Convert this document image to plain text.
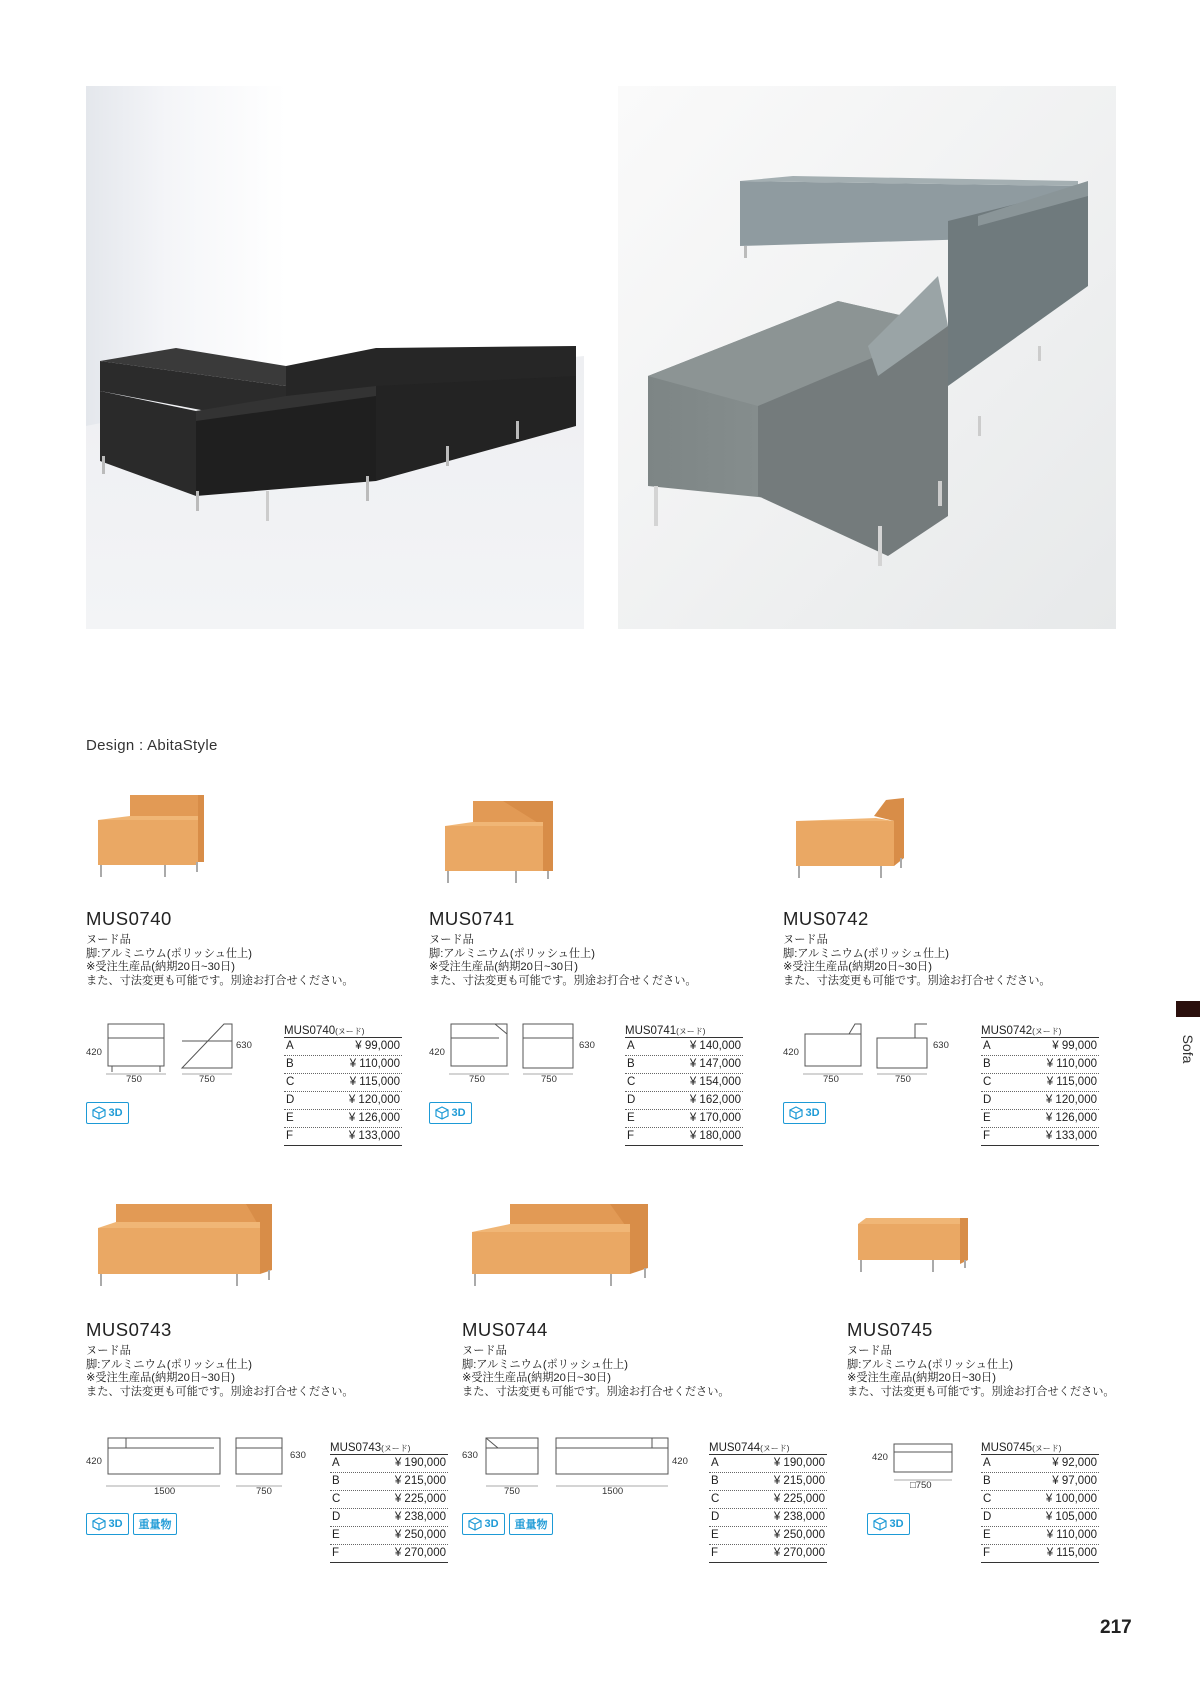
Design : AbitaStyle
Sofa
MUS0740
ヌード品
脚:アルミニウム(ポリッシュ仕上)
※受注生産品(納期20日~30日)
また、寸法変更も可能です。別途お打合せください。
750
420
750
630
3D
MUS0740(ヌード)
A	¥ 99,000
B	¥ 110,000
C	¥ 115,000
D	¥ 120,000
E	¥ 126,000
F	¥ 133,000
MUS0741
ヌード品
脚:アルミニウム(ポリッシュ仕上)
※受注生産品(納期20日~30日)
また、寸法変更も可能です。別途お打合せください。
750
420
750
630
3D
MUS0741(ヌード)
A	¥ 140,000
B	¥ 147,000
C	¥ 154,000
D	¥ 162,000
E	¥ 170,000
F	¥ 180,000
MUS0742
ヌード品
脚:アルミニウム(ポリッシュ仕上)
※受注生産品(納期20日~30日)
また、寸法変更も可能です。別途お打合せください。
750
420
750
630
3D
MUS0742(ヌード)
A	¥ 99,000
B	¥ 110,000
C	¥ 115,000
D	¥ 120,000
E	¥ 126,000
F	¥ 133,000
MUS0743
ヌード品
脚:アルミニウム(ポリッシュ仕上)
※受注生産品(納期20日~30日)
また、寸法変更も可能です。別途お打合せください。
1500
420
750
630
3D	重量物
MUS0743(ヌード)
A	¥ 190,000
B	¥ 215,000
C	¥ 225,000
D	¥ 238,000
E	¥ 250,000
F	¥ 270,000
MUS0744
ヌード品
脚:アルミニウム(ポリッシュ仕上)
※受注生産品(納期20日~30日)
また、寸法変更も可能です。別途お打合せください。
750
630
1500
420
3D	重量物
MUS0744(ヌード)
A	¥ 190,000
B	¥ 215,000
C	¥ 225,000
D	¥ 238,000
E	¥ 250,000
F	¥ 270,000
MUS0745
ヌード品
脚:アルミニウム(ポリッシュ仕上)
※受注生産品(納期20日~30日)
また、寸法変更も可能です。別途お打合せください。
□750
420
3D
MUS0745(ヌード)
A	¥ 92,000
B	¥ 97,000
C	¥ 100,000
D	¥ 105,000
E	¥ 110,000
F	¥ 115,000
217
